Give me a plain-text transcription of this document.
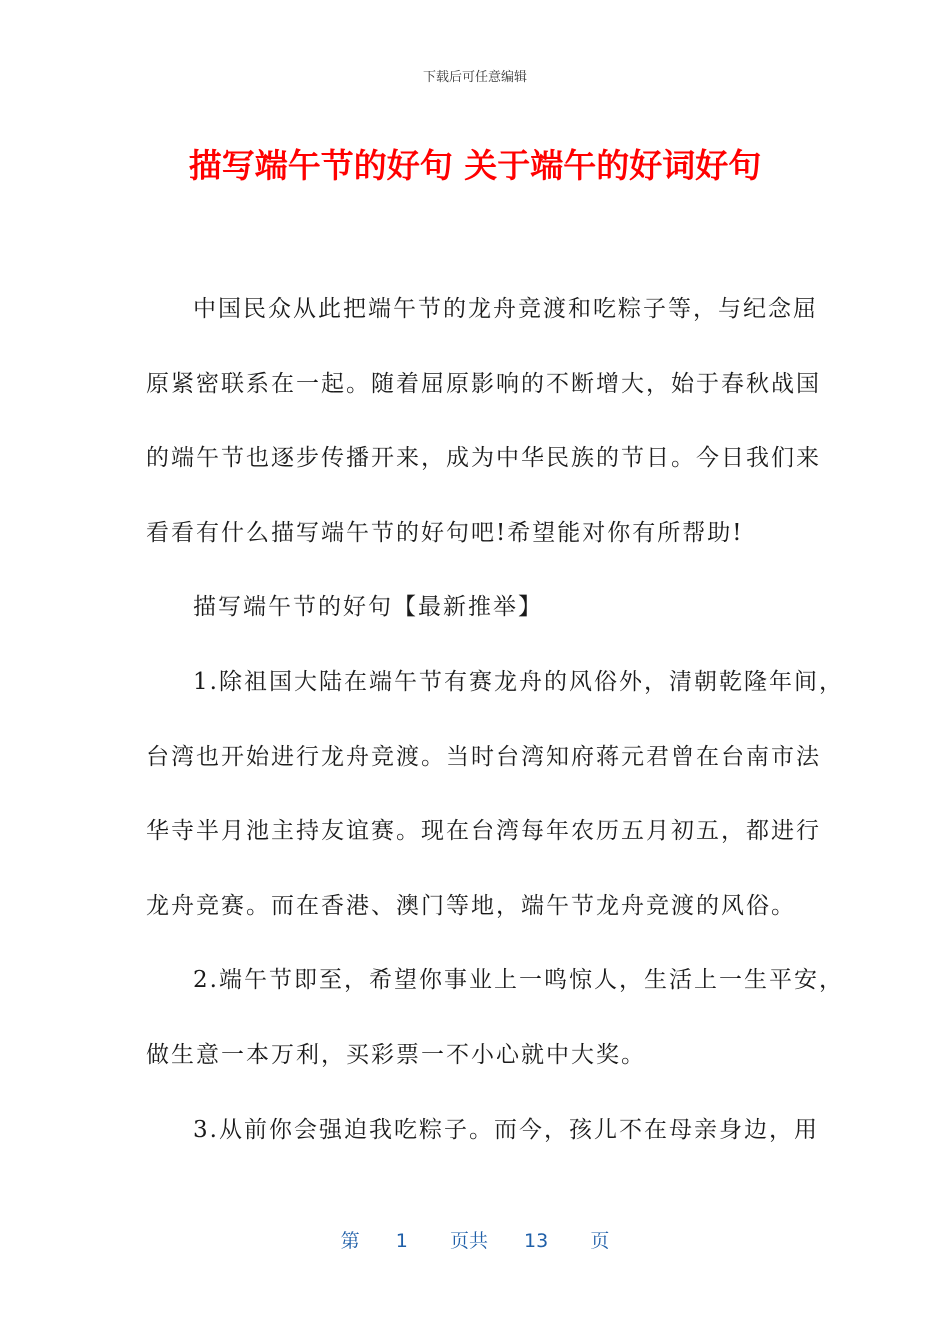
下载后可任意编辑
描写端午节的好句 关于端午的好词好句
中国民众从此把端午节的龙舟竞渡和吃粽子等，与纪念屈
原紧密联系在一起。随着屈原影响的不断增大，始于春秋战国
的端午节也逐步传播开来，成为中华民族的节日。今日我们来
看看有什么描写端午节的好句吧!希望能对你有所帮助!
描写端午节的好句【最新推举】
1.除祖国大陆在端午节有赛龙舟的风俗外，清朝乾隆年间，
台湾也开始进行龙舟竞渡。当时台湾知府蒋元君曾在台南市法
华寺半月池主持友谊赛。现在台湾每年农历五月初五，都进行
龙舟竞赛。而在香港、澳门等地，端午节龙舟竞渡的风俗。
2.端午节即至，希望你事业上一鸣惊人，生活上一生平安，
做生意一本万利，买彩票一不小心就中大奖。
3.从前你会强迫我吃粽子。而今，孩儿不在母亲身边，用
第 1 页共 13 页
